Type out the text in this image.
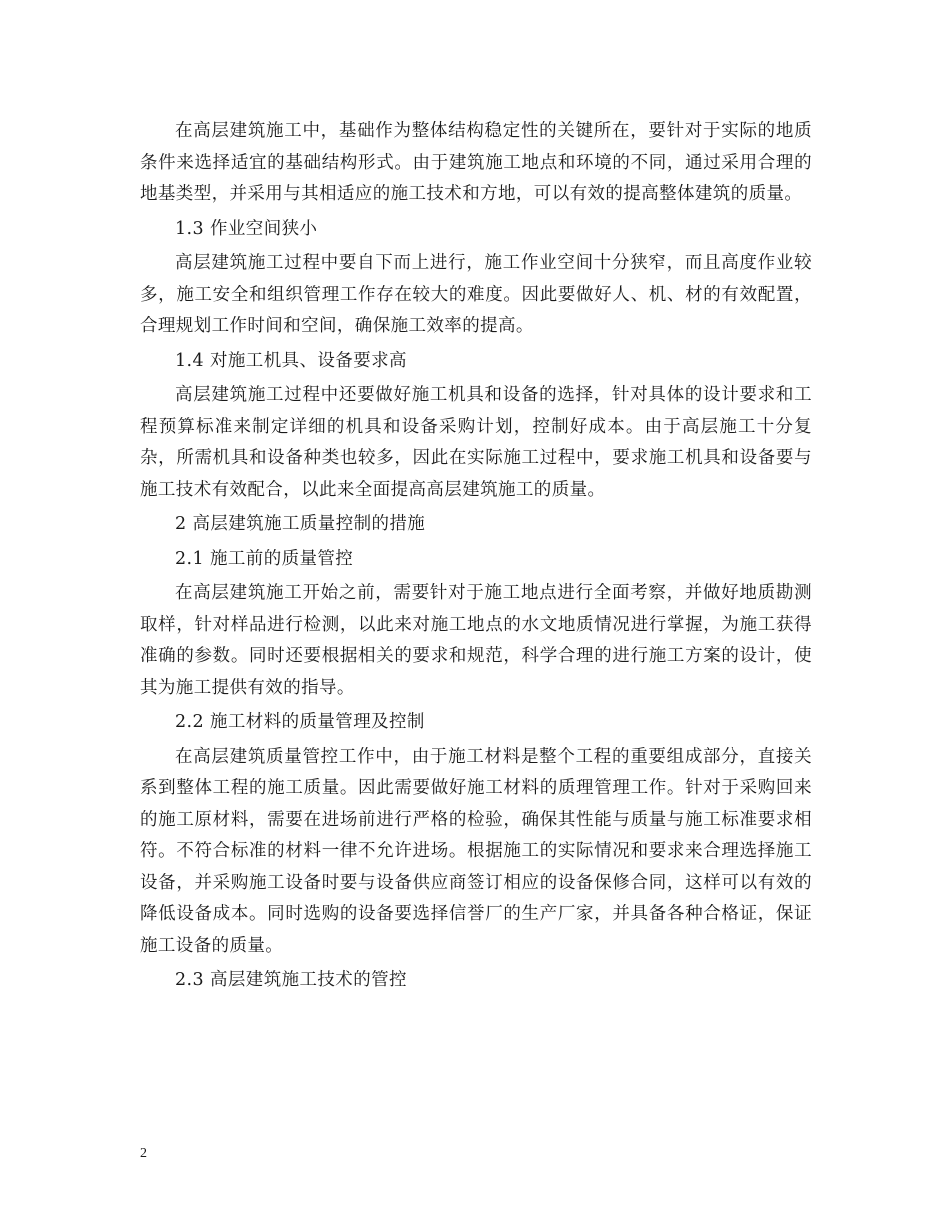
在高层建筑施工中，基础作为整体结构稳定性的关键所在，要针对于实际的地质条件来选择适宜的基础结构形式。由于建筑施工地点和环境的不同，通过采用合理的地基类型，并采用与其相适应的施工技术和方地，可以有效的提高整体建筑的质量。

1.3 作业空间狭小

高层建筑施工过程中要自下而上进行，施工作业空间十分狭窄，而且高度作业较多，施工安全和组织管理工作存在较大的难度。因此要做好人、机、材的有效配置，合理规划工作时间和空间，确保施工效率的提高。

1.4 对施工机具、设备要求高

高层建筑施工过程中还要做好施工机具和设备的选择，针对具体的设计要求和工程预算标准来制定详细的机具和设备采购计划，控制好成本。由于高层施工十分复杂，所需机具和设备种类也较多，因此在实际施工过程中，要求施工机具和设备要与施工技术有效配合，以此来全面提高高层建筑施工的质量。

2 高层建筑施工质量控制的措施

2.1 施工前的质量管控

在高层建筑施工开始之前，需要针对于施工地点进行全面考察，并做好地质勘测取样，针对样品进行检测，以此来对施工地点的水文地质情况进行掌握，为施工获得准确的参数。同时还要根据相关的要求和规范，科学合理的进行施工方案的设计，使其为施工提供有效的指导。

2.2 施工材料的质量管理及控制

在高层建筑质量管控工作中，由于施工材料是整个工程的重要组成部分，直接关系到整体工程的施工质量。因此需要做好施工材料的质理管理工作。针对于采购回来的施工原材料，需要在进场前进行严格的检验，确保其性能与质量与施工标准要求相符。不符合标准的材料一律不允许进场。根据施工的实际情况和要求来合理选择施工设备，并采购施工设备时要与设备供应商签订相应的设备保修合同，这样可以有效的降低设备成本。同时选购的设备要选择信誉厂的生产厂家，并具备各种合格证，保证施工设备的质量。

2.3 高层建筑施工技术的管控

2
